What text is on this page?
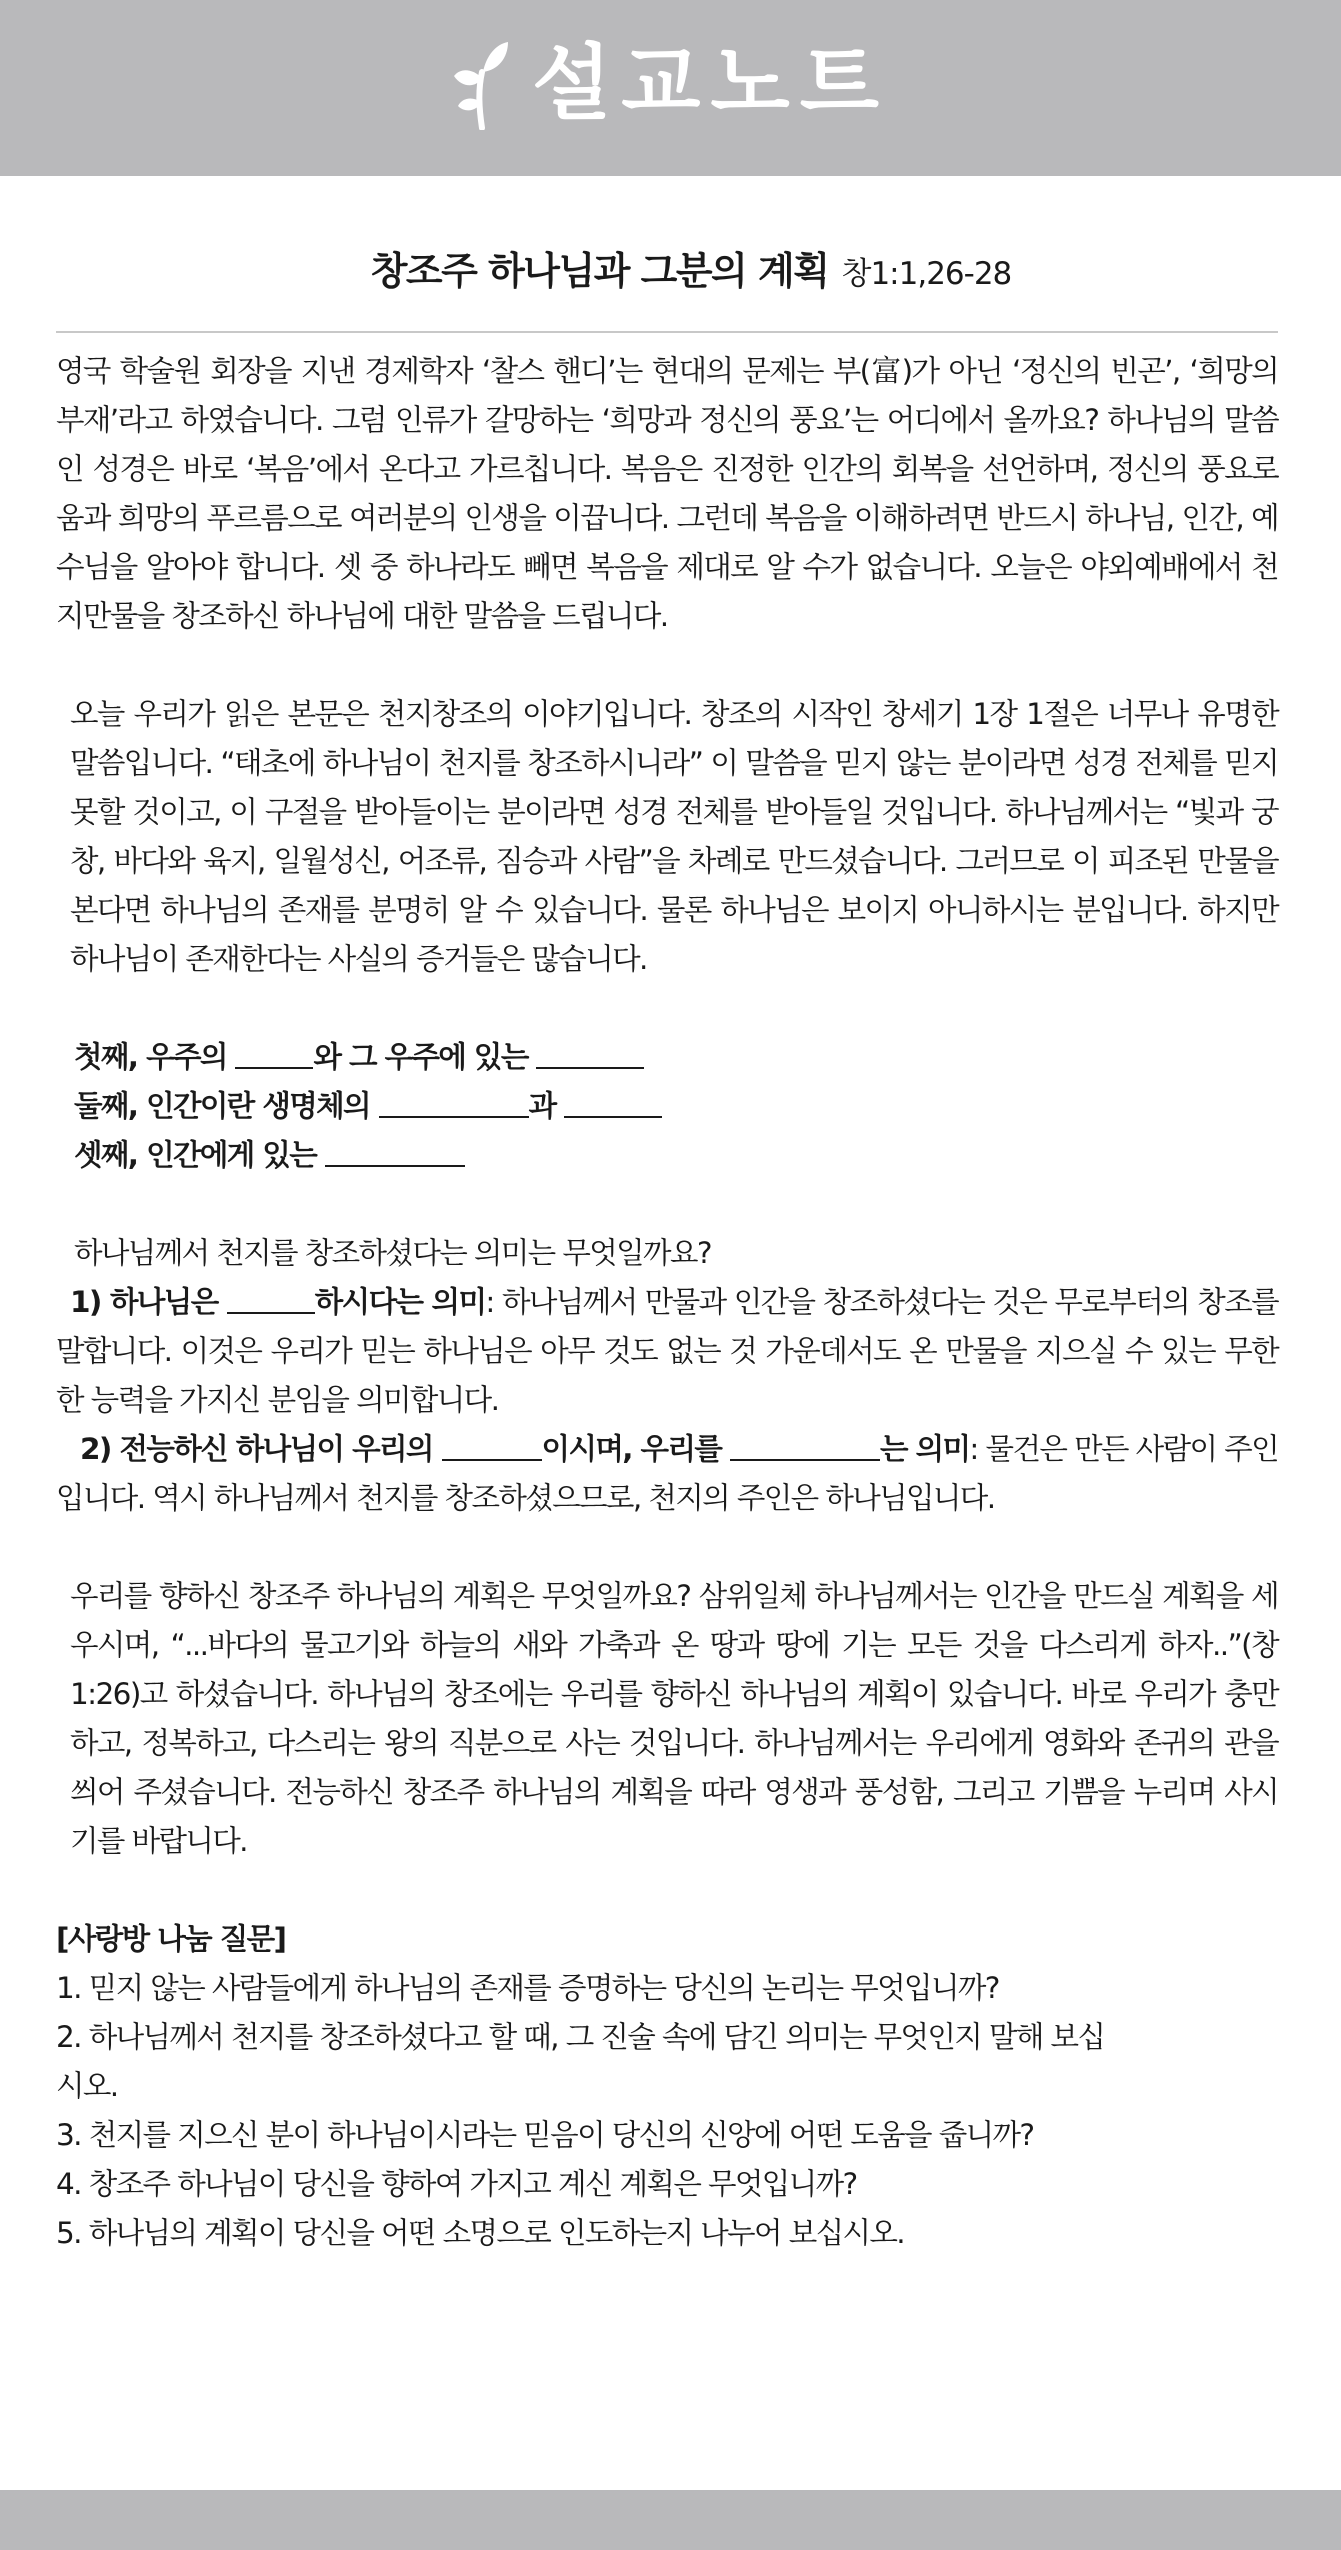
설교노트
창조주 하나님과 그분의 계획 창1:1,26-28

영국 학술원 회장을 지낸 경제학자 ‘찰스 핸디’는 현대의 문제는 부(富)가 아닌 ‘정신의 빈곤’, ‘희망의 부재’라고 하였습니다. 그럼 인류가 갈망하는 ‘희망과 정신의 풍요’는 어디에서 올까요? 하나님의 말씀인 성경은 바로 ‘복음’에서 온다고 가르칩니다. 복음은 진정한 인간의 회복을 선언하며, 정신의 풍요로움과 희망의 푸르름으로 여러분의 인생을 이끕니다. 그런데 복음을 이해하려면 반드시 하나님, 인간, 예수님을 알아야 합니다. 셋 중 하나라도 빼면 복음을 제대로 알 수가 없습니다. 오늘은 야외예배에서 천지만물을 창조하신 하나님에 대한 말씀을 드립니다.

오늘 우리가 읽은 본문은 천지창조의 이야기입니다. 창조의 시작인 창세기 1장 1절은 너무나 유명한 말씀입니다. “태초에 하나님이 천지를 창조하시니라” 이 말씀을 믿지 않는 분이라면 성경 전체를 믿지 못할 것이고, 이 구절을 받아들이는 분이라면 성경 전체를 받아들일 것입니다. 하나님께서는 “빛과 궁창, 바다와 육지, 일월성신, 어조류, 짐승과 사람”을 차례로 만드셨습니다. 그러므로 이 피조된 만물을 본다면 하나님의 존재를 분명히 알 수 있습니다. 물론 하나님은 보이지 아니하시는 분입니다. 하지만 하나님이 존재한다는 사실의 증거들은 많습니다.

첫째, 우주의	와 그 우주에 있는
둘째, 인간이란 생명체의	과
셋째, 인간에게 있는

하나님께서 천지를 창조하셨다는 의미는 무엇일까요?

1) 하나님은	하시다는 의미: 하나님께서 만물과 인간을 창조하셨다는 것은 무로부터의 창조를 말합니다. 이것은 우리가 믿는 하나님은 아무 것도 없는 것 가운데서도 온 만물을 지으실 수 있는 무한한 능력을 가지신 분임을 의미합니다.

2) 전능하신 하나님이 우리의	이시며, 우리를	는 의미: 물건은 만든 사람이 주인입니다. 역시 하나님께서 천지를 창조하셨으므로, 천지의 주인은 하나님입니다.

우리를 향하신 창조주 하나님의 계획은 무엇일까요? 삼위일체 하나님께서는 인간을 만드실 계획을 세우시며, “...바다의 물고기와 하늘의 새와 가축과 온 땅과 땅에 기는 모든 것을 다스리게 하자..”(창1:26)고 하셨습니다. 하나님의 창조에는 우리를 향하신 하나님의 계획이 있습니다. 바로 우리가 충만하고, 정복하고, 다스리는 왕의 직분으로 사는 것입니다. 하나님께서는 우리에게 영화와 존귀의 관을 씌어 주셨습니다. 전능하신 창조주 하나님의 계획을 따라 영생과 풍성함, 그리고 기쁨을 누리며 사시기를 바랍니다.

[사랑방 나눔 질문]
1. 믿지 않는 사람들에게 하나님의 존재를 증명하는 당신의 논리는 무엇입니까?
2. 하나님께서 천지를 창조하셨다고 할 때, 그 진술 속에 담긴 의미는 무엇인지 말해 보십
시오.
3. 천지를 지으신 분이 하나님이시라는 믿음이 당신의 신앙에 어떤 도움을 줍니까?
4. 창조주 하나님이 당신을 향하여 가지고 계신 계획은 무엇입니까?
5. 하나님의 계획이 당신을 어떤 소명으로 인도하는지 나누어 보십시오.
